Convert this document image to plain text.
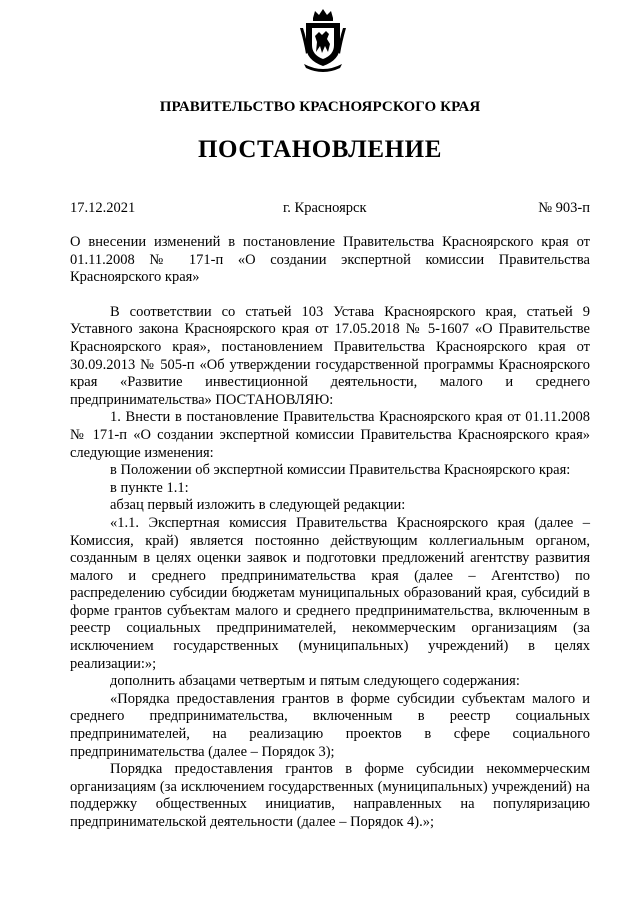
ПРАВИТЕЛЬСТВО КРАСНОЯРСКОГО КРАЯ
ПОСТАНОВЛЕНИЕ
17.12.2021	г. Красноярск	№ 903-п

О внесении изменений в постановление Правительства Красноярского края от 01.11.2008 № 171-п «О создании экспертной комиссии Правительства Красноярского края»

В соответствии со статьей 103 Устава Красноярского края, статьей 9 Уставного закона Красноярского края от 17.05.2018 № 5-1607 «О Правительстве Красноярского края», постановлением Правительства Красноярского края от 30.09.2013 № 505-п «Об утверждении государственной программы Красноярского края «Развитие инвестиционной деятельности, малого и среднего предпринимательства» ПОСТАНОВЛЯЮ:

1. Внести в постановление Правительства Красноярского края от 01.11.2008 № 171-п «О создании экспертной комиссии Правительства Красноярского края» следующие изменения:

в Положении об экспертной комиссии Правительства Красноярского края:

в пункте 1.1:

абзац первый изложить в следующей редакции:

«1.1. Экспертная комиссия Правительства Красноярского края (далее – Комиссия, край) является постоянно действующим коллегиальным органом, созданным в целях оценки заявок и подготовки предложений агентству развития малого и среднего предпринимательства края (далее – Агентство) по распределению субсидии бюджетам муниципальных образований края, субсидий в форме грантов субъектам малого и среднего предпринимательства, включенным в реестр социальных предпринимателей, некоммерческим организациям (за исключением государственных (муниципальных) учреждений) в целях реализации:»;

дополнить абзацами четвертым и пятым следующего содержания:

«Порядка предоставления грантов в форме субсидии субъектам малого и среднего предпринимательства, включенным в реестр социальных предпринимателей, на реализацию проектов в сфере социального предпринимательства (далее – Порядок 3);

Порядка предоставления грантов в форме субсидии некоммерческим организациям (за исключением государственных (муниципальных) учреждений) на поддержку общественных инициатив, направленных на популяризацию предпринимательской деятельности (далее – Порядок 4).»;
